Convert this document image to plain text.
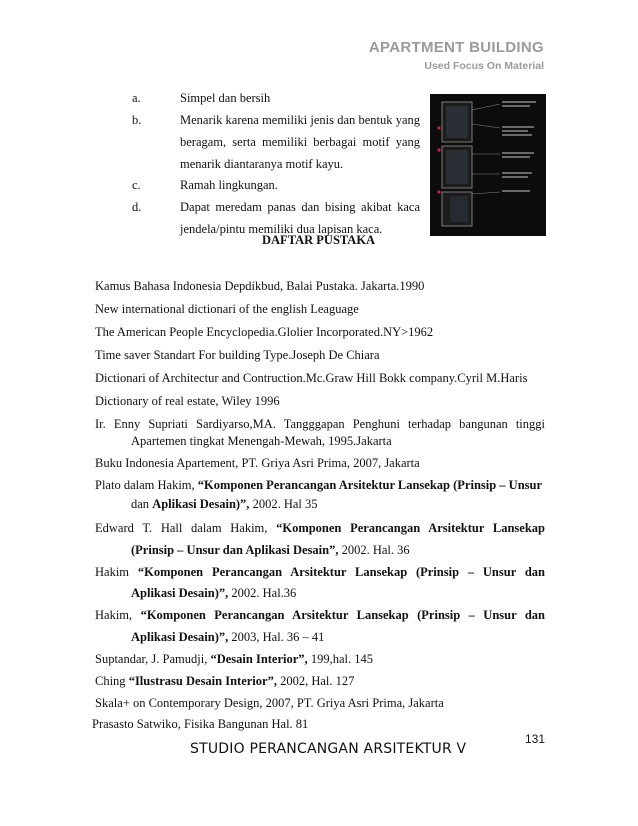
APARTMENT BUILDING
Used Focus On Material
a.	Simpel dan bersih
b.	Menarik karena memiliki jenis dan bentuk yang
beragam, serta memiliki berbagai motif yang
menarik diantaranya motif kayu.
c.	Ramah lingkungan.
d.	Dapat meredam panas dan bising akibat kaca
jendela/pintu memiliki dua lapisan kaca.
DAFTAR PUSTAKA
Kamus Bahasa Indonesia Depdikbud, Balai Pustaka. Jakarta.1990
New international dictionari of the english Leaguage
The American People Encyclopedia.Glolier Incorporated.NY>1962
Time saver Standart For building Type.Joseph De Chiara
Dictionari of Architectur and Contruction.Mc.Graw Hill Bokk company.Cyril M.Haris
Dictionary of real estate, Wiley 1996
Ir. Enny Supriati Sardiyarso,MA. Tangggapan Penghuni terhadap bangunan tinggi
Apartemen tingkat Menengah-Mewah, 1995.Jakarta
Buku Indonesia Apartement, PT. Griya Asri Prima, 2007, Jakarta
Plato dalam Hakim, “Komponen Perancangan Arsitektur Lansekap (Prinsip – Unsur
dan Aplikasi Desain)”, 2002. Hal 35
Edward T. Hall dalam Hakim, “Komponen Perancangan Arsitektur Lansekap
(Prinsip – Unsur dan Aplikasi Desain”, 2002. Hal. 36
Hakim “Komponen Perancangan Arsitektur Lansekap (Prinsip – Unsur dan
Aplikasi Desain)”, 2002. Hal.36
Hakim, “Komponen Perancangan Arsitektur Lansekap (Prinsip – Unsur dan
Aplikasi Desain)”, 2003, Hal. 36 – 41
Suptandar, J. Pamudji, “Desain Interior”, 199,hal. 145
Ching “Ilustrasu Desain Interior”, 2002, Hal. 127
Skala+ on Contemporary Design, 2007, PT. Griya Asri Prima, Jakarta
Prasasto Satwiko, Fisika Bangunan Hal. 81
131
STUDIO PERANCANGAN ARSITEKTUR V
